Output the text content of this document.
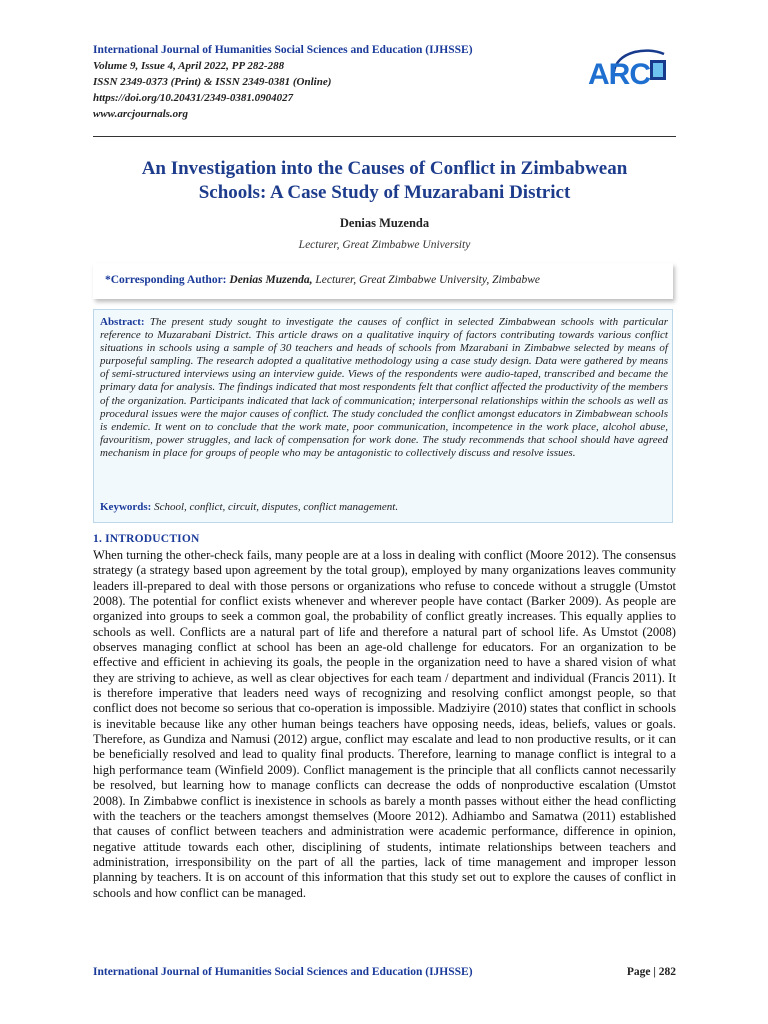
International Journal of Humanities Social Sciences and Education (IJHSSE)
Volume 9, Issue 4, April 2022, PP 282-288
ISSN 2349-0373 (Print) & ISSN 2349-0381 (Online)
https://doi.org/10.20431/2349-0381.0904027
www.arcjournals.org
ARC
An Investigation into the Causes of Conflict in Zimbabwean
Schools: A Case Study of Muzarabani District
Denias Muzenda
Lecturer, Great Zimbabwe University
*Corresponding Author: Denias Muzenda, Lecturer, Great Zimbabwe University, Zimbabwe
Abstract: The present study sought to investigate the causes of conflict in selected Zimbabwean schools with particular reference to Muzarabani District. This article draws on a qualitative inquiry of factors contributing towards various conflict situations in schools using a sample of 30 teachers and heads of schools from Mzarabani in Zimbabwe selected by means of purposeful sampling. The research adopted a qualitative methodology using a case study design. Data were gathered by means of semi-structured interviews using an interview guide. Views of the respondents were audio-taped, transcribed and became the primary data for analysis. The findings indicated that most respondents felt that conflict affected the productivity of the members of the organization. Participants indicated that lack of communication; interpersonal relationships within the schools as well as procedural issues were the major causes of conflict. The study concluded the conflict amongst educators in Zimbabwean schools is endemic. It went on to conclude that the work mate, poor communication, incompetence in the work place, alcohol abuse, favouritism, power struggles, and lack of compensation for work done. The study recommends that school should have agreed mechanism in place for groups of people who may be antagonistic to collectively discuss and resolve issues.
Keywords: School, conflict, circuit, disputes, conflict management.
1. INTRODUCTION
When turning the other-check fails, many people are at a loss in dealing with conflict (Moore 2012). The consensus strategy (a strategy based upon agreement by the total group), employed by many organizations leaves community leaders ill-prepared to deal with those persons or organizations who refuse to concede without a struggle (Umstot 2008). The potential for conflict exists whenever and wherever people have contact (Barker 2009). As people are organized into groups to seek a common goal, the probability of conflict greatly increases. This equally applies to schools as well. Conflicts are a natural part of life and therefore a natural part of school life. As Umstot (2008) observes managing conflict at school has been an age-old challenge for educators. For an organization to be effective and efficient in achieving its goals, the people in the organization need to have a shared vision of what they are striving to achieve, as well as clear objectives for each team / department and individual (Francis 2011). It is therefore imperative that leaders need ways of recognizing and resolving conflict amongst people, so that conflict does not become so serious that co-operation is impossible. Madziyire (2010) states that conflict in schools is inevitable because like any other human beings teachers have opposing needs, ideas, beliefs, values or goals. Therefore, as Gundiza and Namusi (2012) argue, conflict may escalate and lead to non productive results, or it can be beneficially resolved and lead to quality final products. Therefore, learning to manage conflict is integral to a high performance team (Winfield 2009). Conflict management is the principle that all conflicts cannot necessarily be resolved, but learning how to manage conflicts can decrease the odds of nonproductive escalation (Umstot 2008). In Zimbabwe conflict is inexistence in schools as barely a month passes without either the head conflicting with the teachers or the teachers amongst themselves (Moore 2012). Adhiambo and Samatwa (2011) established that causes of conflict between teachers and administration were academic performance, difference in opinion, negative attitude towards each other, disciplining of students, intimate relationships between teachers and administration, irresponsibility on the part of all the parties, lack of time management and improper lesson planning by teachers. It is on account of this information that this study set out to explore the causes of conflict in schools and how conflict can be managed.
International Journal of Humanities Social Sciences and Education (IJHSSE)	Page | 282
